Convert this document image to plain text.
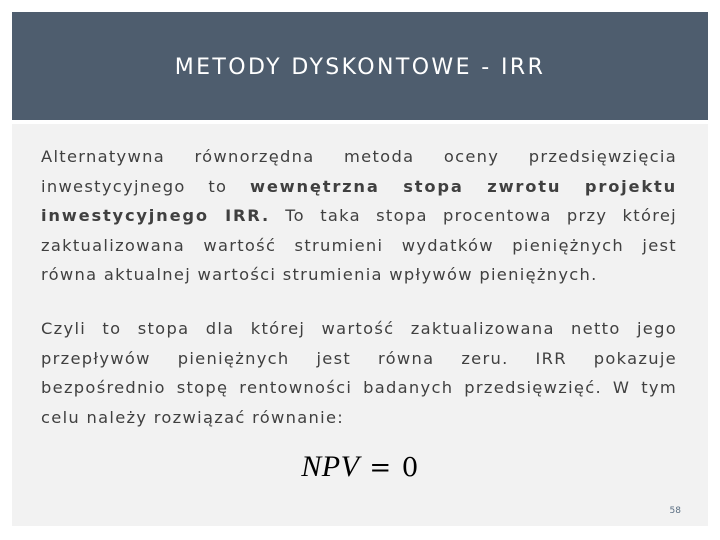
METODY DYSKONTOWE - IRR

Alternatywna równorzędna metoda oceny przedsięwzięcia inwestycyjnego to wewnętrzna stopa zwrotu projektu inwestycyjnego IRR. To taka stopa procentowa przy której zaktualizowana wartość strumieni wydatków pieniężnych jest równa aktualnej wartości strumienia wpływów pieniężnych.

Czyli to stopa dla której wartość zaktualizowana netto jego przepływów pieniężnych jest równa zeru. IRR pokazuje bezpośrednio stopę rentowności badanych przedsięwzięć. W tym celu należy rozwiązać równanie:

NPV = 0
58
